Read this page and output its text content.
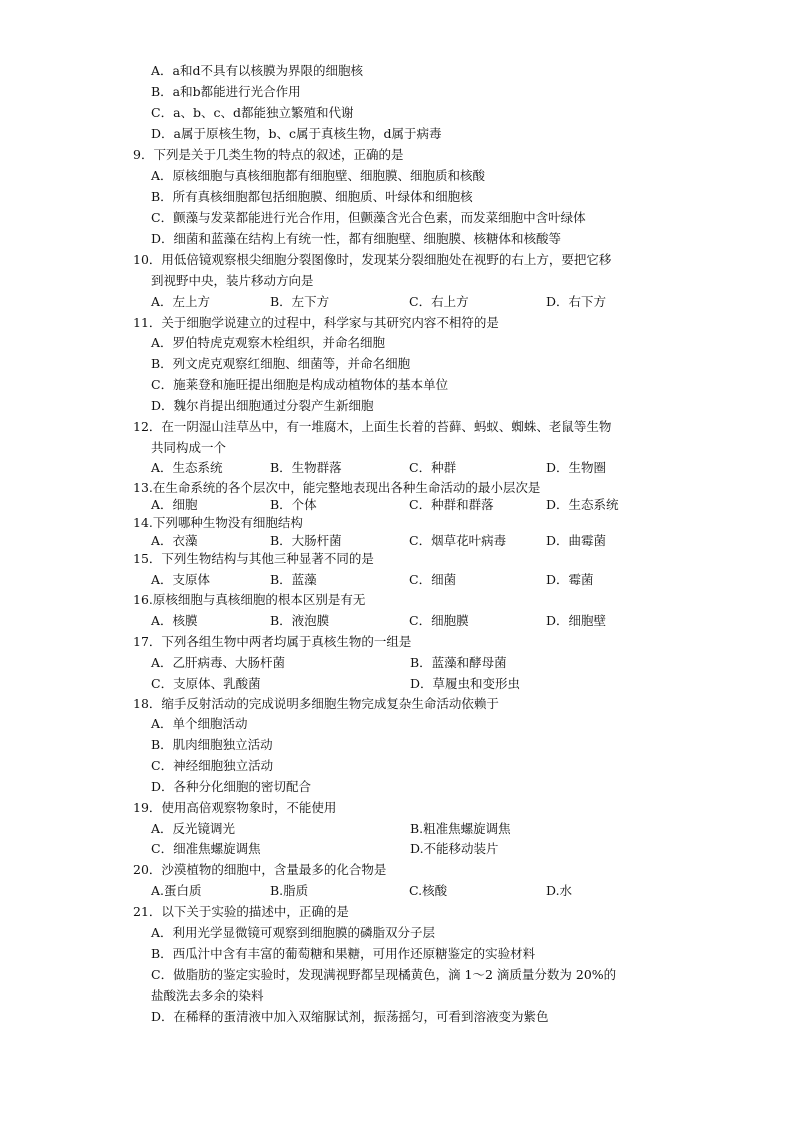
A．a和d不具有以核膜为界限的细胞核
B．a和b都能进行光合作用
C．a、b、c、d都能独立繁殖和代谢
D．a属于原核生物，b、c属于真核生物，d属于病毒
9．下列是关于几类生物的特点的叙述，正确的是
A．原核细胞与真核细胞都有细胞壁、细胞膜、细胞质和核酸
B．所有真核细胞都包括细胞膜、细胞质、叶绿体和细胞核
C．颤藻与发菜都能进行光合作用，但颤藻含光合色素，而发菜细胞中含叶绿体
D．细菌和蓝藻在结构上有统一性，都有细胞壁、细胞膜、核糖体和核酸等
10．用低倍镜观察根尖细胞分裂图像时，发现某分裂细胞处在视野的右上方，要把它移
到视野中央，装片移动方向是
11．关于细胞学说建立的过程中，科学家与其研究内容不相符的是
A．罗伯特虎克观察木栓组织，并命名细胞
B．列文虎克观察红细胞、细菌等，并命名细胞
C．施莱登和施旺提出细胞是构成动植物体的基本单位
D．魏尔肖提出细胞通过分裂产生新细胞
12．在一阴湿山洼草丛中，有一堆腐木，上面生长着的苔藓、蚂蚁、蜘蛛、老鼠等生物
共同构成一个
13.在生命系统的各个层次中，能完整地表现出各种生命活动的最小层次是
14.下列哪种生物没有细胞结构
15．下列生物结构与其他三种显著不同的是
16.原核细胞与真核细胞的根本区别是有无
17．下列各组生物中两者均属于真核生物的一组是
18．缩手反射活动的完成说明多细胞生物完成复杂生命活动依赖于
A．单个细胞活动
B．肌肉细胞独立活动
C．神经细胞独立活动
D．各种分化细胞的密切配合
19．使用高倍观察物象时，不能使用
20．沙漠植物的细胞中，含量最多的化合物是
21．以下关于实验的描述中，正确的是
A．利用光学显微镜可观察到细胞膜的磷脂双分子层
B．西瓜汁中含有丰富的葡萄糖和果糖，可用作还原糖鉴定的实验材料
C．做脂肪的鉴定实验时，发现满视野都呈现橘黄色，滴 1～2 滴质量分数为 20%的
盐酸洗去多余的染料
D．在稀释的蛋清液中加入双缩脲试剂，振荡摇匀，可看到溶液变为紫色
A．左上方	B．左下方	C．右上方	D．右下方
A．生态系统	B．生物群落	C．种群	D．生物圈
A．细胞	B．个体	C．种群和群落	D．生态系统
A．衣藻	B．大肠杆菌	C．烟草花叶病毒	D．曲霉菌
A．支原体	B．蓝藻	C．细菌	D．霉菌
A．核膜	B．液泡膜	C．细胞膜	D．细胞壁
A．乙肝病毒、大肠杆菌	B．蓝藻和酵母菌
C．支原体、乳酸菌	D．草履虫和变形虫
A．反光镜调光	B.粗准焦螺旋调焦
C．细准焦螺旋调焦	D.不能移动装片
A.蛋白质	B.脂质	C.核酸	D.水
